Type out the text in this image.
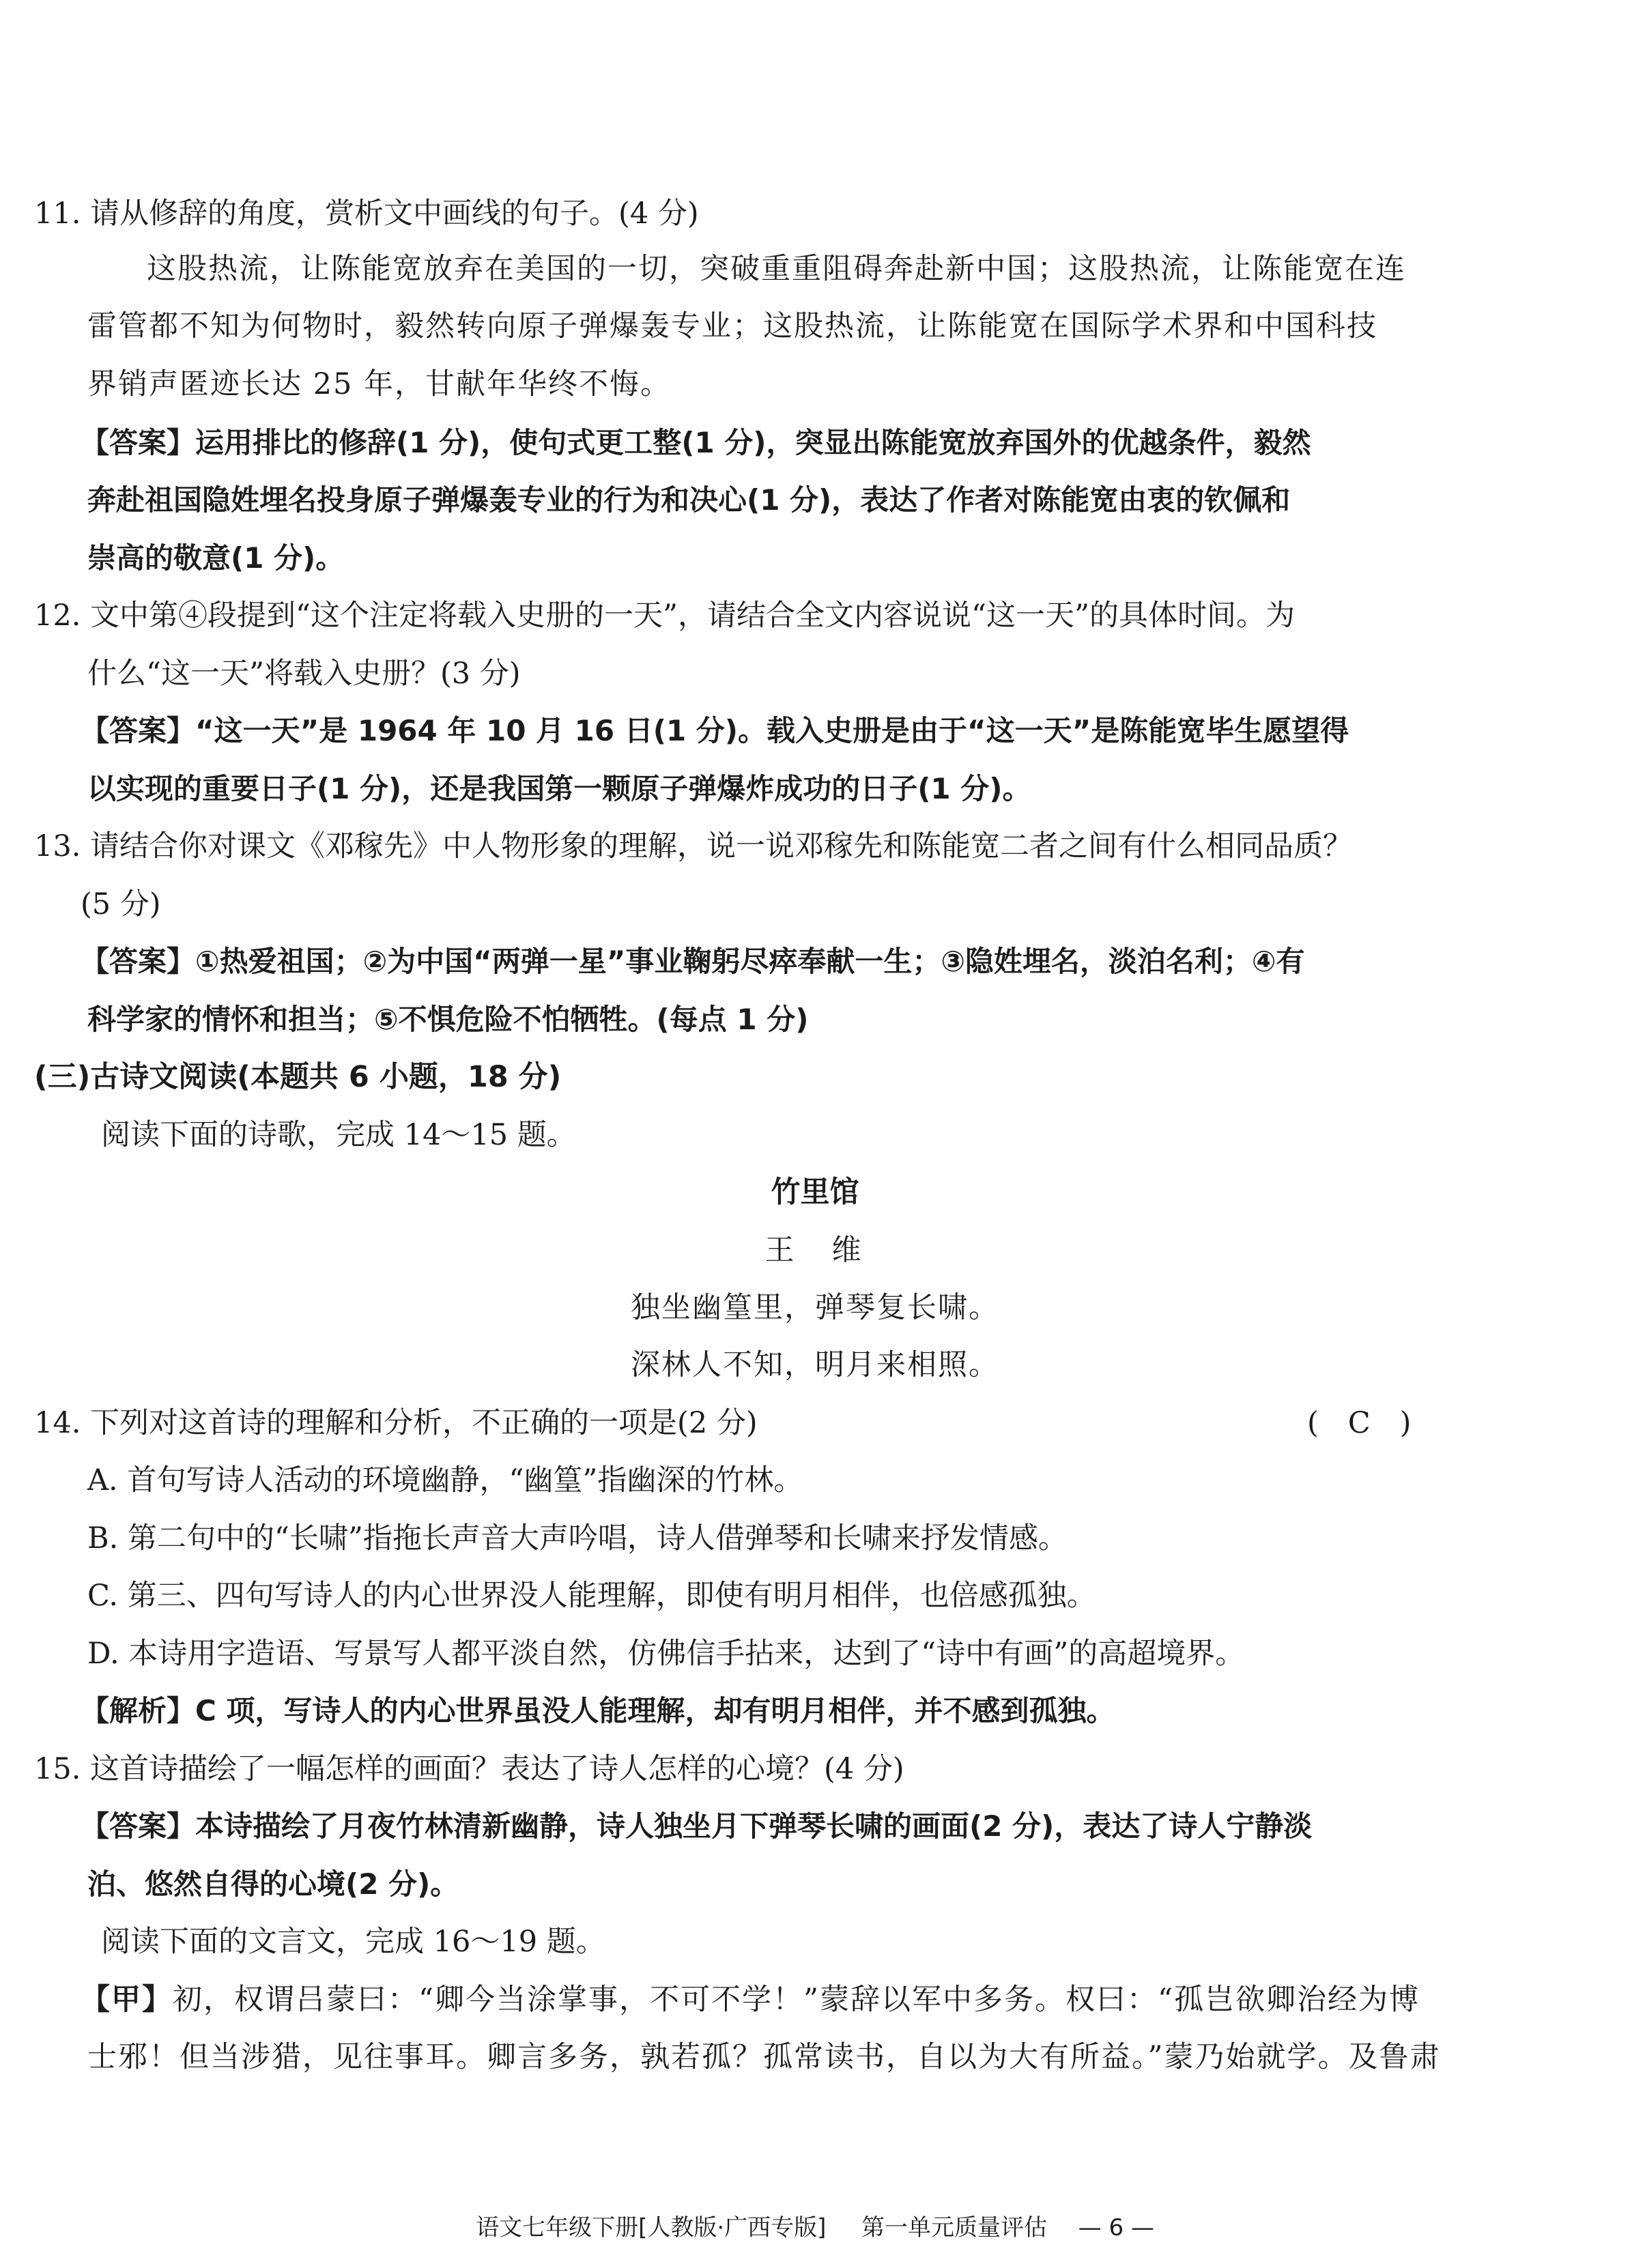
11. 请从修辞的角度，赏析文中画线的句子。(4 分)
这股热流，让陈能宽放弃在美国的一切，突破重重阻碍奔赴新中国；这股热流，让陈能宽在连
雷管都不知为何物时，毅然转向原子弹爆轰专业；这股热流，让陈能宽在国际学术界和中国科技
界销声匿迹长达 25 年，甘献年华终不悔。
【答案】运用排比的修辞(1 分)，使句式更工整(1 分)，突显出陈能宽放弃国外的优越条件，毅然
奔赴祖国隐姓埋名投身原子弹爆轰专业的行为和决心(1 分)，表达了作者对陈能宽由衷的钦佩和
崇高的敬意(1 分)。
12. 文中第④段提到“这个注定将载入史册的一天”，请结合全文内容说说“这一天”的具体时间。为
什么“这一天”将载入史册？(3 分)
【答案】“这一天”是 1964 年 10 月 16 日(1 分)。载入史册是由于“这一天”是陈能宽毕生愿望得
以实现的重要日子(1 分)，还是我国第一颗原子弹爆炸成功的日子(1 分)。
13. 请结合你对课文《邓稼先》中人物形象的理解，说一说邓稼先和陈能宽二者之间有什么相同品质？
(5 分)
【答案】①热爱祖国；②为中国“两弹一星”事业鞠躬尽瘁奉献一生；③隐姓埋名，淡泊名利；④有
科学家的情怀和担当；⑤不惧危险不怕牺牲。(每点 1 分)
(三)古诗文阅读(本题共 6 小题，18 分)
阅读下面的诗歌，完成 14～15 题。
竹里馆
王　维
独坐幽篁里，弹琴复长啸。
深林人不知，明月来相照。
14. 下列对这首诗的理解和分析，不正确的一项是(2 分)	(　C　)
A. 首句写诗人活动的环境幽静，“幽篁”指幽深的竹林。
B. 第二句中的“长啸”指拖长声音大声吟唱，诗人借弹琴和长啸来抒发情感。
C. 第三、四句写诗人的内心世界没人能理解，即使有明月相伴，也倍感孤独。
D. 本诗用字造语、写景写人都平淡自然，仿佛信手拈来，达到了“诗中有画”的高超境界。
【解析】C 项，写诗人的内心世界虽没人能理解，却有明月相伴，并不感到孤独。
15. 这首诗描绘了一幅怎样的画面？表达了诗人怎样的心境？(4 分)
【答案】本诗描绘了月夜竹林清新幽静，诗人独坐月下弹琴长啸的画面(2 分)，表达了诗人宁静淡
泊、悠然自得的心境(2 分)。
阅读下面的文言文，完成 16～19 题。
【甲】初，权谓吕蒙曰：“卿今当涂掌事，不可不学！”蒙辞以军中多务。权曰：“孤岂欲卿治经为博
士邪！但当涉猎，见往事耳。卿言多务，孰若孤？孤常读书，自以为大有所益。”蒙乃始就学。及鲁肃
语文七年级下册[人教版·广西专版] 第一单元质量评估 — 6 —
